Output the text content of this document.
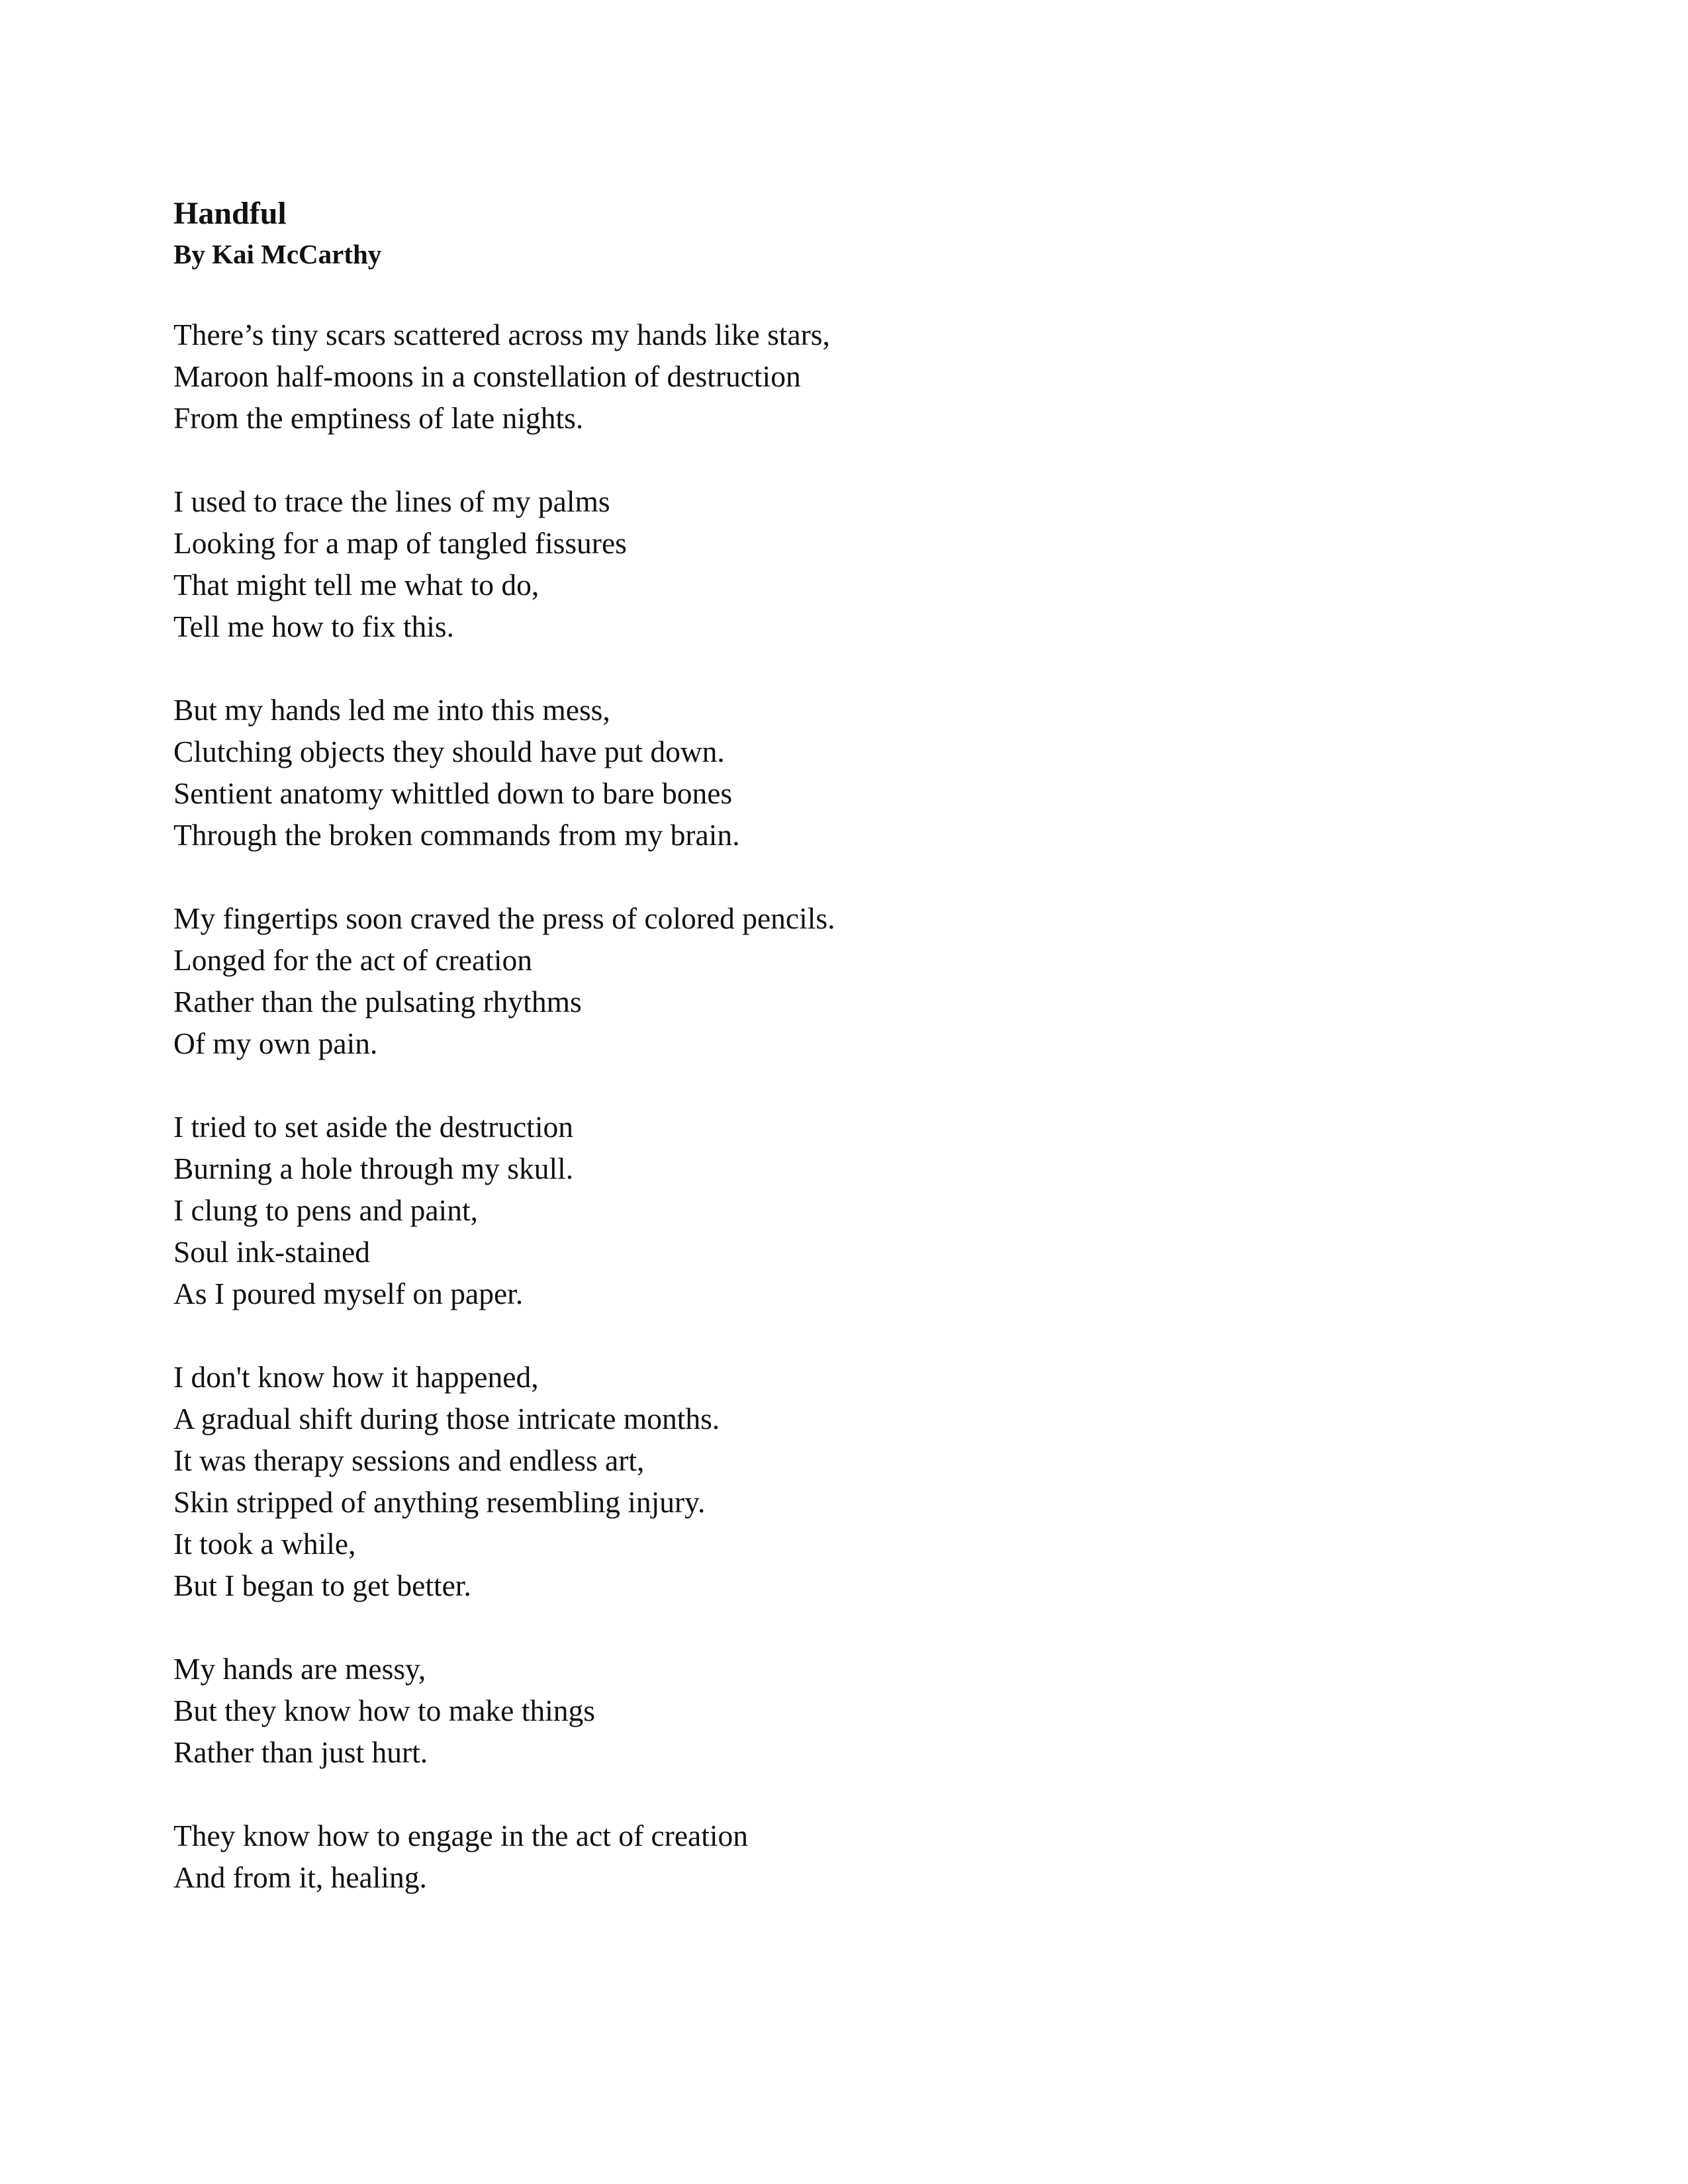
Handful
By Kai McCarthy
There’s tiny scars scattered across my hands like stars,
Maroon half-moons in a constellation of destruction
From the emptiness of late nights.
I used to trace the lines of my palms
Looking for a map of tangled fissures
That might tell me what to do,
Tell me how to fix this.
But my hands led me into this mess,
Clutching objects they should have put down.
Sentient anatomy whittled down to bare bones
Through the broken commands from my brain.
My fingertips soon craved the press of colored pencils.
Longed for the act of creation
Rather than the pulsating rhythms
Of my own pain.
I tried to set aside the destruction
Burning a hole through my skull.
I clung to pens and paint,
Soul ink-stained
As I poured myself on paper.
I don't know how it happened,
A gradual shift during those intricate months.
It was therapy sessions and endless art,
Skin stripped of anything resembling injury.
It took a while,
But I began to get better.
My hands are messy,
But they know how to make things
Rather than just hurt.
They know how to engage in the act of creation
And from it, healing.
